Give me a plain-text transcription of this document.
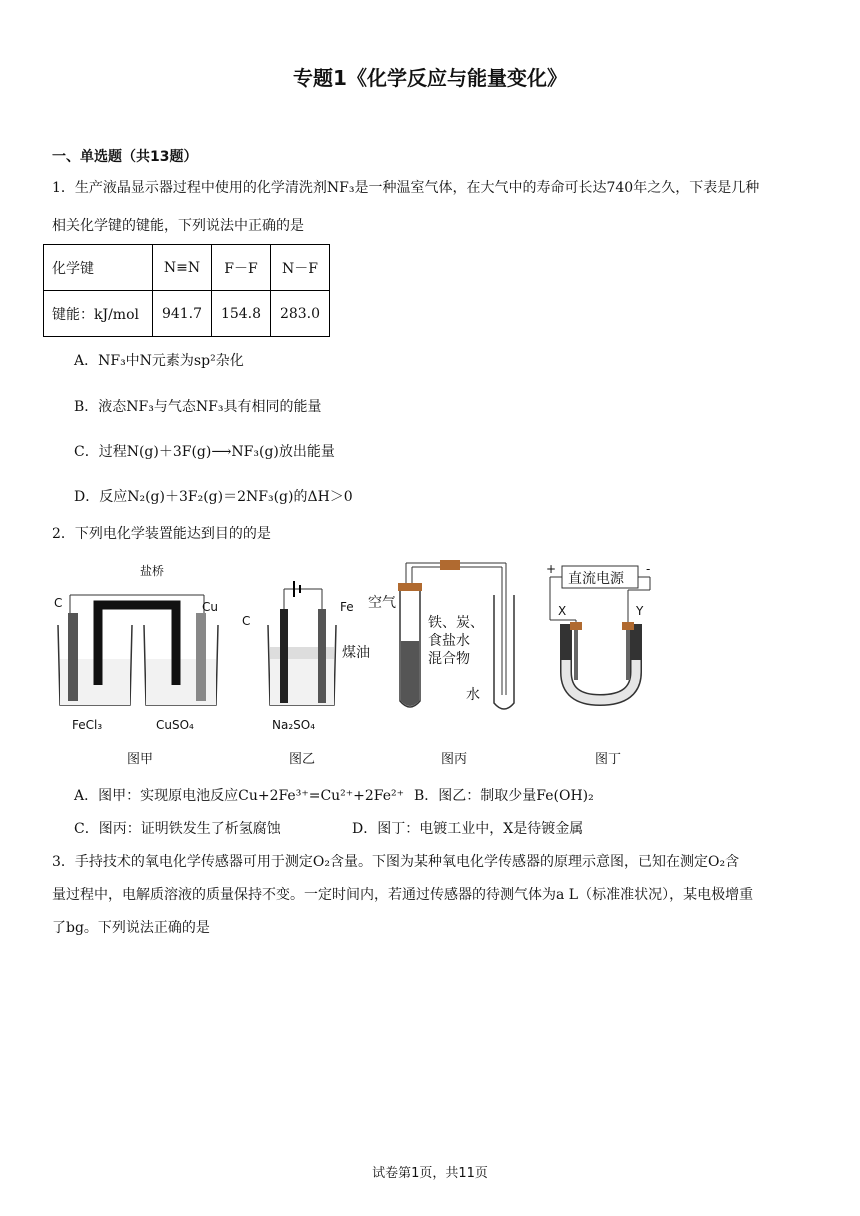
专题1《化学反应与能量变化》
一、单选题（共13题）
1．生产液晶显示器过程中使用的化学清洗剂NF₃是一种温室气体，在大气中的寿命可长达740年之久，下表是几种
相关化学键的键能，下列说法中正确的是
化学键	N≡N	F－F	N－F
键能：kJ/mol	941.7	154.8	283.0
A．NF₃中N元素为sp²杂化
B．液态NF₃与气态NF₃具有相同的能量
C．过程N(g)＋3F(g)⟶NF₃(g)放出能量
D．反应N₂(g)＋3F₂(g)＝2NF₃(g)的ΔH＞0
2．下列电化学装置能达到目的的是
盐桥
C	Cu
FeCl₃	CuSO₄
图甲
C
Fe
煤油
Na₂SO₄
图乙
空气
铁、炭、
食盐水
混合物
水
图丙
直流电源
+	-
X	Y
图丁
A．图甲：实现原电池反应Cu+2Fe³⁺=Cu²⁺+2Fe²⁺ B．图乙：制取少量Fe(OH)₂
C．图丙：证明铁发生了析氢腐蚀	D．图丁：电镀工业中，X是待镀金属
3．手持技术的氧电化学传感器可用于测定O₂含量。下图为某种氧电化学传感器的原理示意图，已知在测定O₂含
量过程中，电解质溶液的质量保持不变。一定时间内，若通过传感器的待测气体为a L（标准准状况），某电极增重
了bg。下列说法正确的是
试卷第1页，共11页
